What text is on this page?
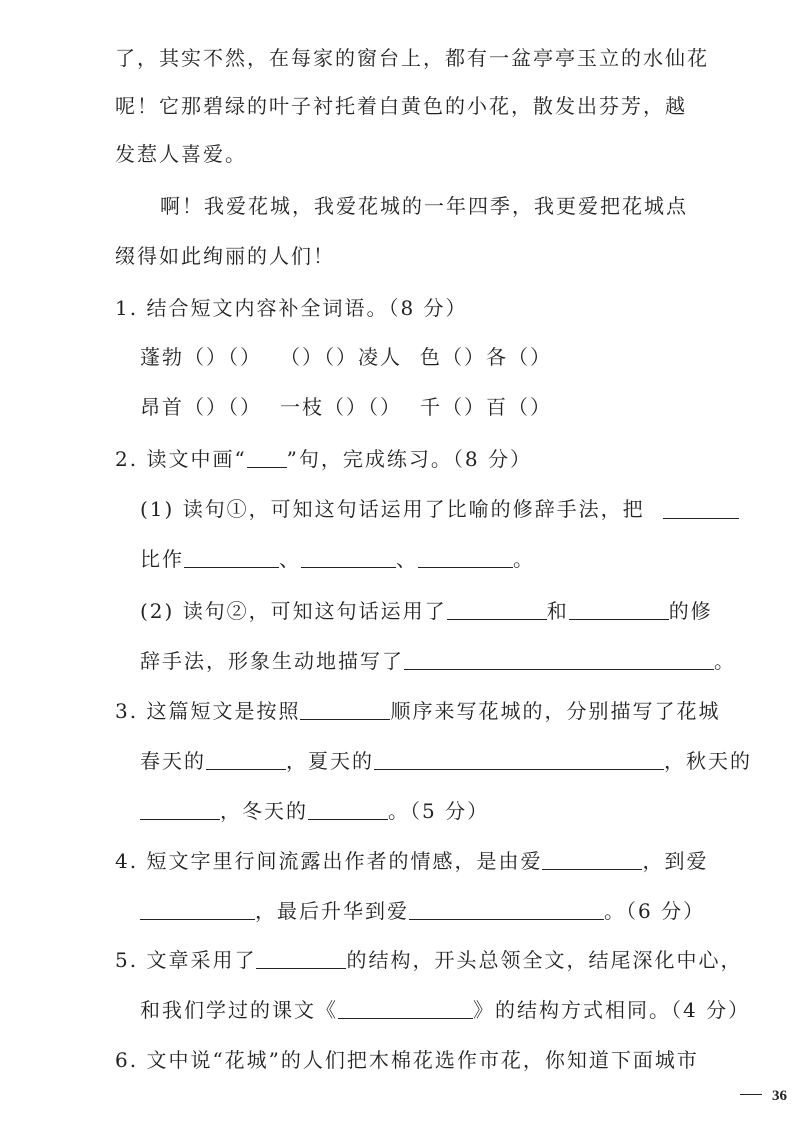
了，其实不然，在每家的窗台上，都有一盆亭亭玉立的水仙花
呢！它那碧绿的叶子衬托着白黄色的小花，散发出芬芳，越
发惹人喜爱。
啊！我爱花城，我爱花城的一年四季，我更爱把花城点
缀得如此绚丽的人们！
1. 结合短文内容补全词语。（8 分）
蓬勃（）（） （）（）凌人 色（）各（）
昂首（）（） 一枝（）（） 千（）百（）
2. 读文中画“ ”句，完成练习。（8 分）
(1) 读句①，可知这句话运用了比喻的修辞手法，把
比作	、	、	。
(2) 读句②，可知这句话运用了	和	的修
辞手法，形象生动地描写了	。
3. 这篇短文是按照	顺序来写花城的，分别描写了花城
春天的	，夏天的	，秋天的
，冬天的	。（5 分）
4. 短文字里行间流露出作者的情感，是由爱	，到爱
，最后升华到爱	。（6 分）
5. 文章采用了	的结构，开头总领全文，结尾深化中心，
和我们学过的课文《	》的结构方式相同。（4 分）
6. 文中说“花城”的人们把木棉花选作市花，你知道下面城市
36
